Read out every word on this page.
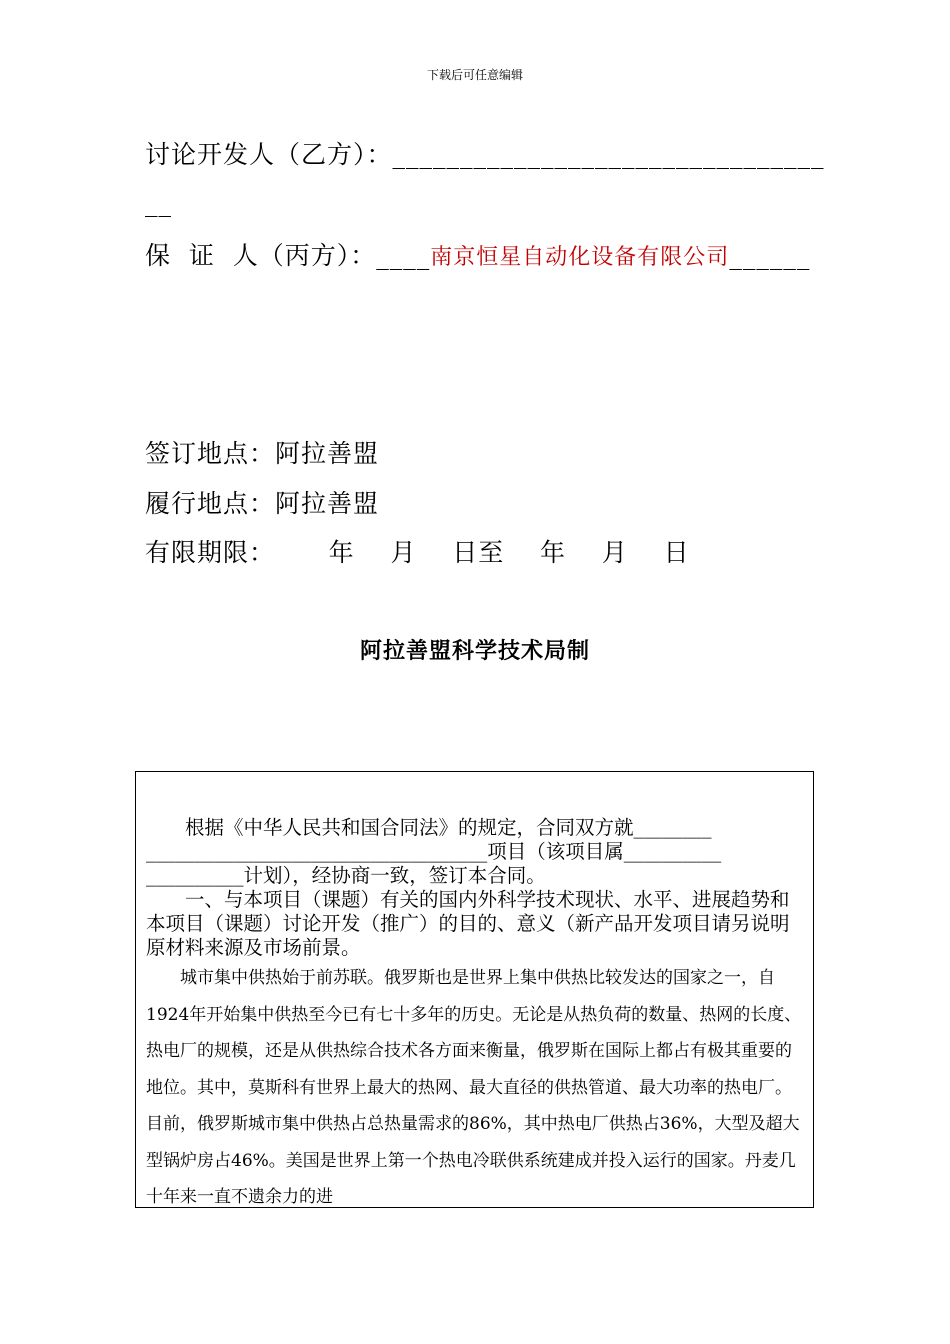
下载后可任意编辑
讨论开发人（乙方）：________________________________
__
保  证  人（丙方）：____南京恒星自动化设备有限公司______
签订地点：阿拉善盟
履行地点：阿拉善盟
有限期限：      年    月    日至    年    月    日
阿拉善盟科学技术局制
根据《中华人民共和国合同法》的规定，合同双方就________ ___________________________________项目（该项目属__________ __________计划），经协商一致，签订本合同。
一、与本项目（课题）有关的国内外科学技术现状、水平、进展趋势和本项目（课题）讨论开发（推广）的目的、意义（新产品开发项目请另说明原材料来源及市场前景。
城市集中供热始于前苏联。俄罗斯也是世界上集中供热比较发达的国家之一，自1924年开始集中供热至今已有七十多年的历史。无论是从热负荷的数量、热网的长度、热电厂的规模，还是从供热综合技术各方面来衡量，俄罗斯在国际上都占有极其重要的地位。其中，莫斯科有世界上最大的热网、最大直径的供热管道、最大功率的热电厂。目前，俄罗斯城市集中供热占总热量需求的86%，其中热电厂供热占36%，大型及超大型锅炉房占46%。美国是世界上第一个热电冷联供系统建成并投入运行的国家。丹麦几十年来一直不遗余力的进
